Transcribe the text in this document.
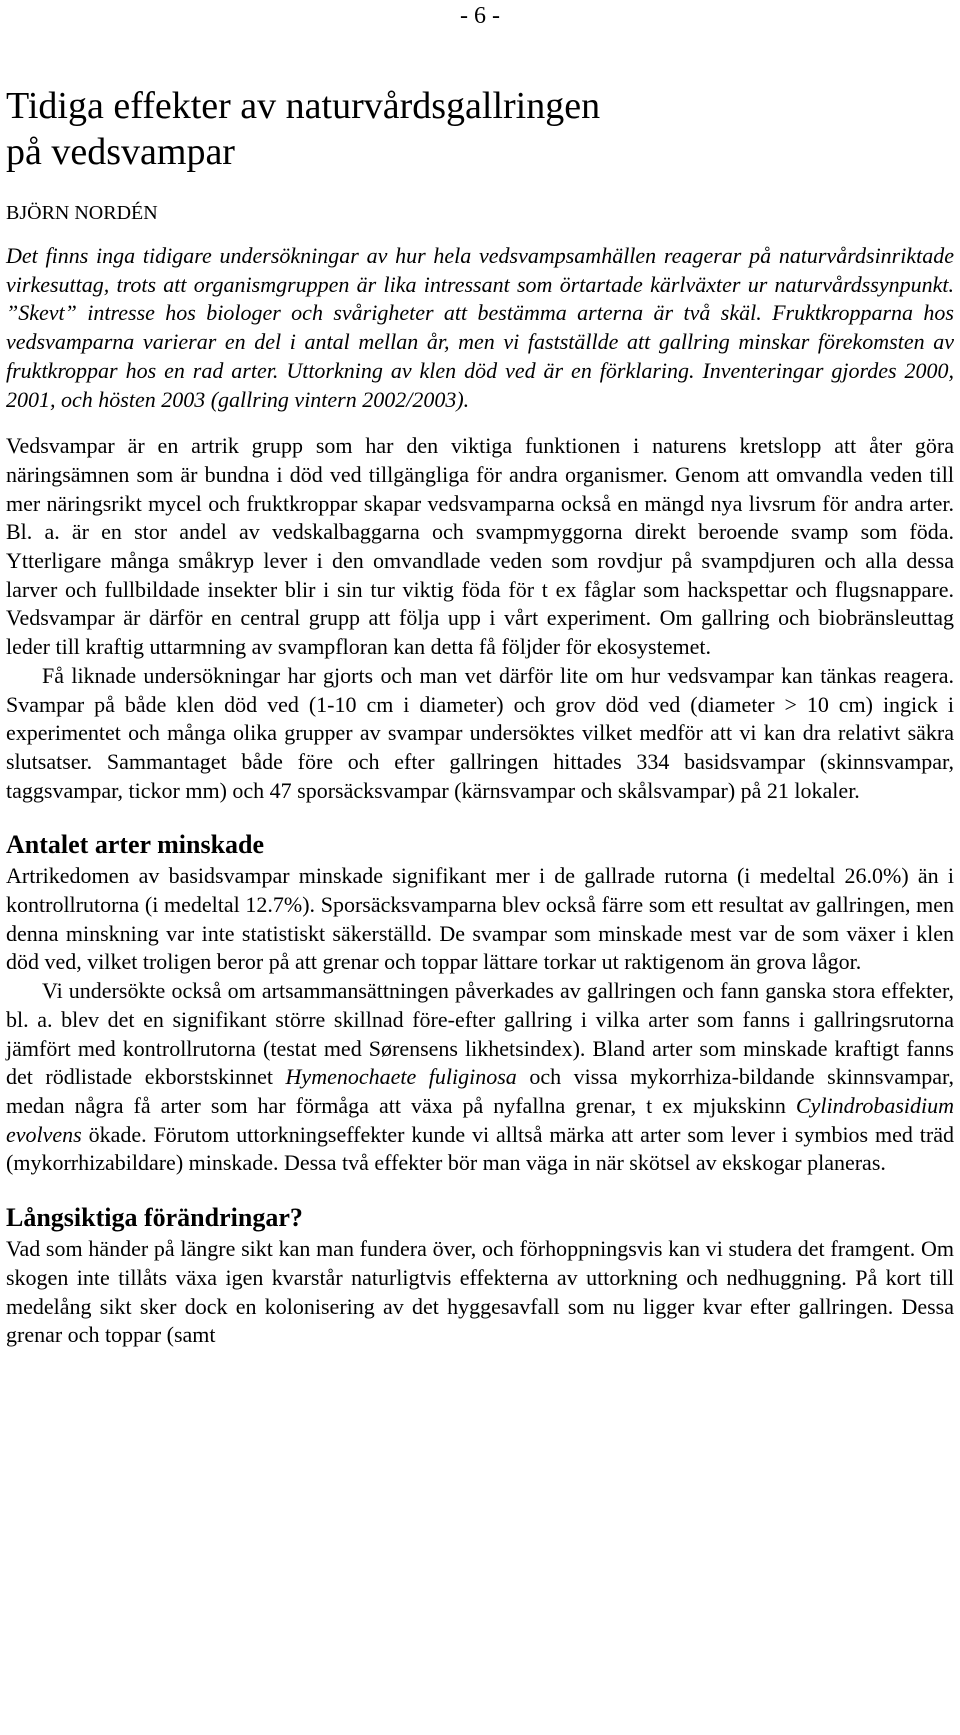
- 6 -
Tidiga effekter av naturvårdsgallringen
på vedsvampar
BJÖRN NORDÉN

Det finns inga tidigare undersökningar av hur hela vedsvampsamhällen reagerar på naturvårdsinriktade virkesuttag, trots att organismgruppen är lika intressant som örtartade kärlväxter ur naturvårdssynpunkt. ”Skevt” intresse hos biologer och svårigheter att bestämma arterna är två skäl. Fruktkropparna hos vedsvamparna varierar en del i antal mellan år, men vi fastställde att gallring minskar förekomsten av fruktkroppar hos en rad arter. Uttorkning av klen död ved är en förklaring. Inventeringar gjordes 2000, 2001, och hösten 2003 (gallring vintern 2002/2003).

Vedsvampar är en artrik grupp som har den viktiga funktionen i naturens kretslopp att åter göra näringsämnen som är bundna i död ved tillgängliga för andra organismer. Genom att omvandla veden till mer näringsrikt mycel och fruktkroppar skapar vedsvamparna också en mängd nya livsrum för andra arter. Bl. a. är en stor andel av vedskalbaggarna och svampmyggorna direkt beroende svamp som föda. Ytterligare många småkryp lever i den omvandlade veden som rovdjur på svampdjuren och alla dessa larver och fullbildade insekter blir i sin tur viktig föda för t ex fåglar som hackspettar och flugsnappare. Vedsvampar är därför en central grupp att följa upp i vårt experiment. Om gallring och biobränsleuttag leder till kraftig uttarmning av svampfloran kan detta få följder för ekosystemet.

Få liknade undersökningar har gjorts och man vet därför lite om hur vedsvampar kan tänkas reagera. Svampar på både klen död ved (1-10 cm i diameter) och grov död ved (diameter > 10 cm) ingick i experimentet och många olika grupper av svampar undersöktes vilket medför att vi kan dra relativt säkra slutsatser. Sammantaget både före och efter gallringen hittades 334 basidsvampar (skinnsvampar, taggsvampar, tickor mm) och 47 sporsäcksvampar (kärnsvampar och skålsvampar) på 21 lokaler.

Antalet arter minskade

Artrikedomen av basidsvampar minskade signifikant mer i de gallrade rutorna (i medeltal 26.0%) än i kontrollrutorna (i medeltal 12.7%). Sporsäcksvamparna blev också färre som ett resultat av gallringen, men denna minskning var inte statistiskt säkerställd. De svampar som minskade mest var de som växer i klen död ved, vilket troligen beror på att grenar och toppar lättare torkar ut raktigenom än grova lågor.

Vi undersökte också om artsammansättningen påverkades av gallringen och fann ganska stora effekter, bl. a. blev det en signifikant större skillnad före-efter gallring i vilka arter som fanns i gallringsrutorna jämfört med kontrollrutorna (testat med Sørensens likhetsindex). Bland arter som minskade kraftigt fanns det rödlistade ekborstskinnet Hymenochaete fuliginosa och vissa mykorrhiza-bildande skinnsvampar, medan några få arter som har förmåga att växa på nyfallna grenar, t ex mjukskinn Cylindrobasidium evolvens ökade. Förutom uttorkningseffekter kunde vi alltså märka att arter som lever i symbios med träd (mykorrhizabildare) minskade. Dessa två effekter bör man väga in när skötsel av ekskogar planeras.

Långsiktiga förändringar?

Vad som händer på längre sikt kan man fundera över, och förhoppningsvis kan vi studera det framgent. Om skogen inte tillåts växa igen kvarstår naturligtvis effekterna av uttorkning och nedhuggning. På kort till medelång sikt sker dock en kolonisering av det hyggesavfall som nu ligger kvar efter gallringen. Dessa grenar och toppar (samt
